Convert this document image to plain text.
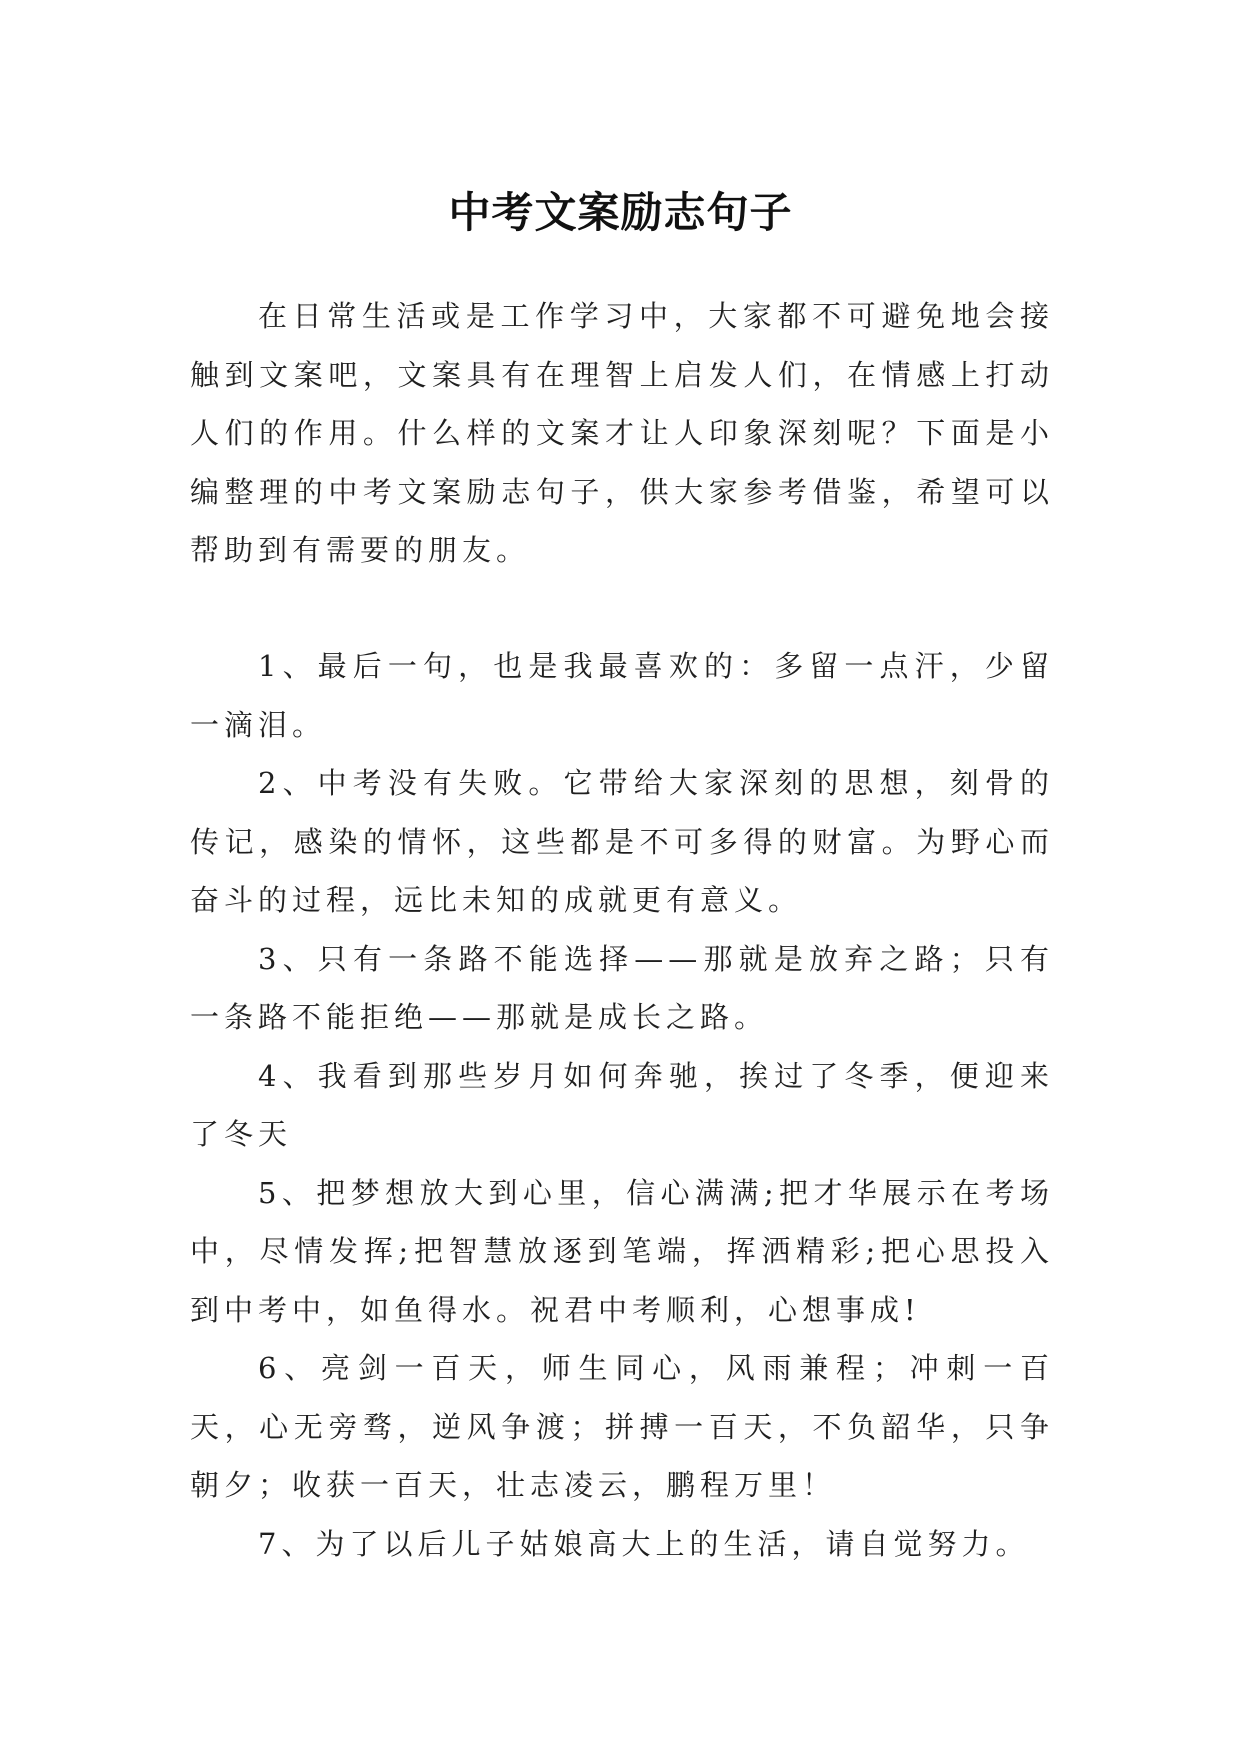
中考文案励志句子

在日常生活或是工作学习中，大家都不可避免地会接触到文案吧，文案具有在理智上启发人们，在情感上打动人们的作用。什么样的文案才让人印象深刻呢？下面是小编整理的中考文案励志句子，供大家参考借鉴，希望可以帮助到有需要的朋友。

1、最后一句，也是我最喜欢的：多留一点汗，少留一滴泪。

2、中考没有失败。它带给大家深刻的思想，刻骨的传记，感染的情怀，这些都是不可多得的财富。为野心而奋斗的过程，远比未知的成就更有意义。

3、只有一条路不能选择——那就是放弃之路；只有一条路不能拒绝——那就是成长之路。

4、我看到那些岁月如何奔驰，挨过了冬季，便迎来了冬天

5、把梦想放大到心里，信心满满;把才华展示在考场中，尽情发挥;把智慧放逐到笔端，挥洒精彩;把心思投入到中考中，如鱼得水。祝君中考顺利，心想事成!

6、亮剑一百天，师生同心，风雨兼程；冲刺一百天，心无旁骛，逆风争渡；拼搏一百天，不负韶华，只争朝夕；收获一百天，壮志凌云，鹏程万里！

7、为了以后儿子姑娘高大上的生活，请自觉努力。
